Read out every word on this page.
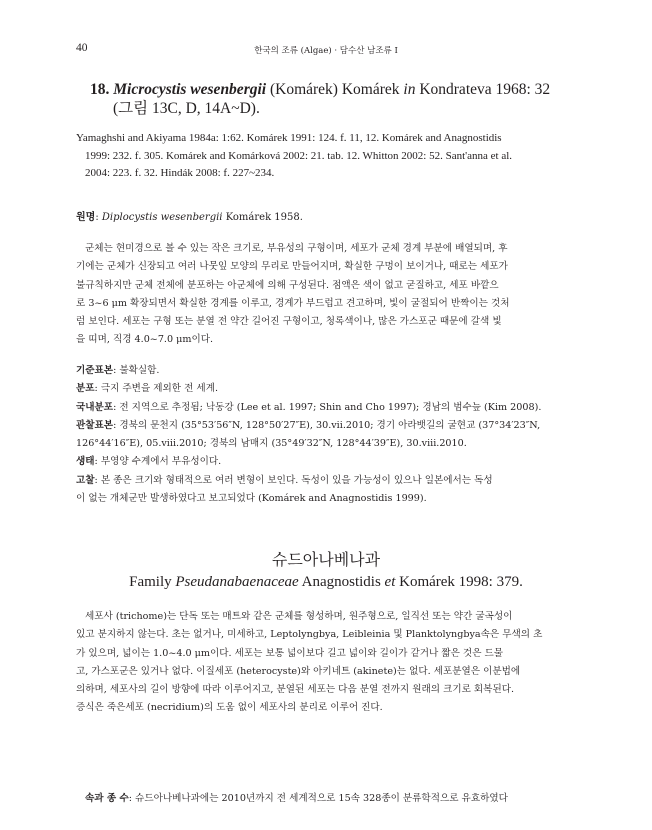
40	한국의 조류 (Algae) · 담수산 남조류 I
18. Microcystis wesenbergii (Komárek) Komárek in Kondrateva 1968: 32
(그림 13C, D, 14A~D).
Yamaghshi and Akiyama 1984a: 1:62. Komárek 1991: 124. f. 11, 12. Komárek and Anagnostidis
1999: 232. f. 305. Komárek and Komárková 2002: 21. tab. 12. Whitton 2002: 52. Sant'anna et al.
2004: 223. f. 32. Hindák 2008: f. 227~234.
원명: Diplocystis wesenbergii Komárek 1958.
군체는 현미경으로 볼 수 있는 작은 크기로, 부유성의 구형이며, 세포가 군체 경계 부분에 배열되며, 후
기에는 군체가 신장되고 여러 나뭇잎 모양의 무리로 만들어지며, 확실한 구멍이 보이거나, 때로는 세포가
불규칙하지만 군체 전체에 분포하는 아군체에 의해 구성된다. 점액은 색이 없고 굳질하고, 세포 바깥으
로 3~6 μm 확장되면서 확실한 경계를 이루고, 경계가 부드럽고 견고하며, 빛이 굴절되어 반짝이는 것처
럼 보인다. 세포는 구형 또는 분열 전 약간 길어진 구형이고, 청록색이나, 많은 가스포군 때문에 갈색 빛
을 띠며, 직경 4.0~7.0 μm이다.
기준표본: 불확실함.
분포: 극지 주변을 제외한 전 세계.
국내분포: 전 지역으로 추정됨; 낙동강 (Lee et al. 1997; Shin and Cho 1997); 경남의 범수늪 (Kim 2008).
관찰표본: 경북의 문천지 (35°53′56″N, 128°50′27″E), 30.vii.2010; 경기 아라뱃길의 굴현교 (37°34′23″N,
126°44′16″E), 05.viii.2010; 경북의 남매지 (35°49′32″N, 128°44′39″E), 30.viii.2010.
생태: 부영양 수계에서 부유성이다.
고찰: 본 종은 크기와 형태적으로 여러 변형이 보인다. 독성이 있을 가능성이 있으나 일본에서는 독성
이 없는 개체군만 발생하였다고 보고되었다 (Komárek and Anagnostidis 1999).
슈드아나베나과
Family Pseudanabaenaceae Anagnostidis et Komárek 1998: 379.
세포사 (trichome)는 단독 또는 매트와 같은 군체를 형성하며, 원주형으로, 일직선 또는 약간 굴곡성이
있고 분지하지 않는다. 초는 없거나, 미세하고, Leptolyngbya, Leibleinia 및 Planktolyngbya속은 무색의 초
가 있으며, 넓이는 1.0~4.0 μm이다. 세포는 보통 넓이보다 길고 넓이와 길이가 같거나 짧은 것은 드물
고, 가스포군은 있거나 없다. 이질세포 (heterocyste)와 아키네트 (akinete)는 없다. 세포분열은 이분법에
의하며, 세포사의 길이 방향에 따라 이루어지고, 분열된 세포는 다음 분열 전까지 원래의 크기로 회복된다.
증식은 죽은세포 (necridium)의 도움 없이 세포사의 분리로 이루어 진다.
속과 종 수: 슈드아나베나과에는 2010년까지 전 세계적으로 15속 328종이 분류학적으로 유효하였다
